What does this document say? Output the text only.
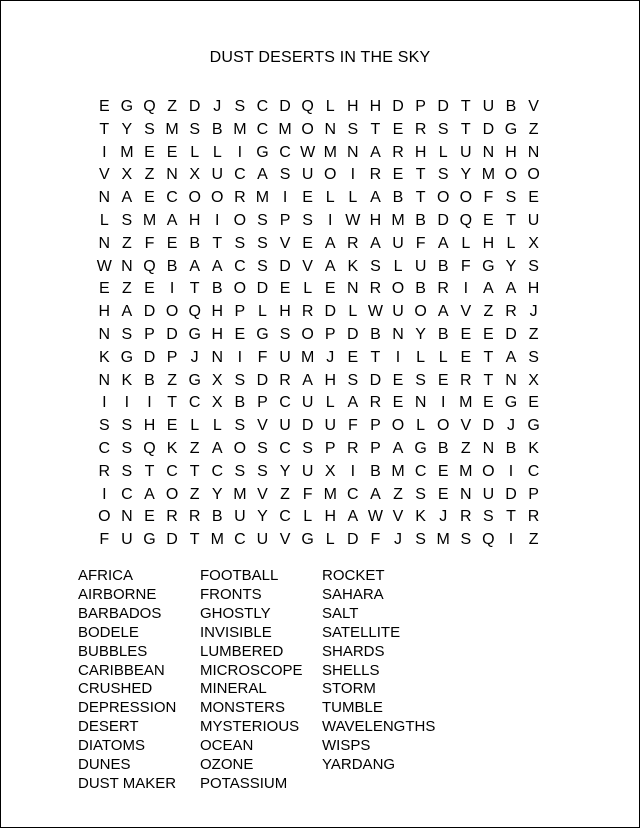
DUST DESERTS IN THE SKY
E G Q Z D J S C D Q L H H D P D T U B V
T Y S M S B M C M O N S T E R S T D G Z
I M E E L L I G C W M N A R H L U N H N
V X Z N X U C A S U O I R E T S Y M O O
N A E C O O R M I E L L A B T O O F S E
L S M A H I O S P S I W H M B D Q E T U
N Z F E B T S S V E A R A U F A L H L X
W N Q B A A C S D V A K S L U B F G Y S
E Z E I T B O D E L E N R O B R I A A H
H A D O Q H P L H R D L W U O A V Z R J
N S P D G H E G S O P D B N Y B E E D Z
K G D P J N I F U M J E T I L L E T A S
N K B Z G X S D R A H S D E S E R T N X
I	I	I T C X B P C U L A R E N I M E G E
S S H E L L S V U D U F P O L O V D J G
C S Q K Z A O S C S P R P A G B Z N B K
R S T C T C S S Y U X I B M C E M O I C
I C A O Z Y M V Z F M C A Z S E N U D P
O N E R R B U Y C L H A W V K J R S T R
F U G D T M C U V G L D F J S M S Q I Z
AFRICA
AIRBORNE
BARBADOS
BODELE
BUBBLES
CARIBBEAN
CRUSHED
DEPRESSION
DESERT
DIATOMS
DUNES
DUST MAKER
FOOTBALL
FRONTS
GHOSTLY
INVISIBLE
LUMBERED
MICROSCOPE
MINERAL
MONSTERS
MYSTERIOUS
OCEAN
OZONE
POTASSIUM
ROCKET
SAHARA
SALT
SATELLITE
SHARDS
SHELLS
STORM
TUMBLE
WAVELENGTHS
WISPS
YARDANG
